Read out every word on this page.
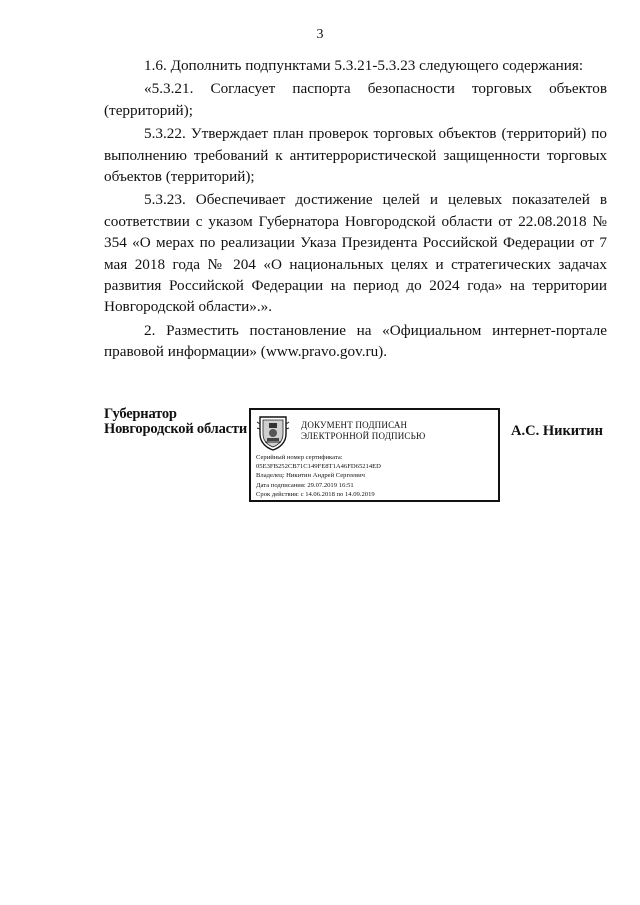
3

1.6. Дополнить подпунктами 5.3.21-5.3.23 следующего содержания:

«5.3.21. Согласует паспорта безопасности торговых объектов (территорий);

5.3.22. Утверждает план проверок торговых объектов (территорий) по выполнению требований к антитеррористической защищенности торговых объектов (территорий);

5.3.23. Обеспечивает достижение целей и целевых показателей в соответствии с указом Губернатора Новгородской области от 22.08.2018 № 354 «О мерах по реализации Указа Президента Российской Федерации от 7 мая 2018 года № 204 «О национальных целях и стратегических задачах развития Российской Федерации на период до 2024 года» на территории Новгородской области».».

2. Разместить постановление на «Официальном интернет-портале правовой информации» (www.pravo.gov.ru).

Губернатор
Новгородской области	ДОКУМЕНТ ПОДПИСАН
ЭЛЕКТРОННОЙ ПОДПИСЬЮ
Серийный номер сертификата:
05E3FB252CB71C149FE8T1A46FD65214ED
Владелец: Никитин Андрей Сергеевич
Дата подписания: 29.07.2019 16:51
Срок действия: с 14.06.2018 по 14.09.2019
А.С. Никитин
